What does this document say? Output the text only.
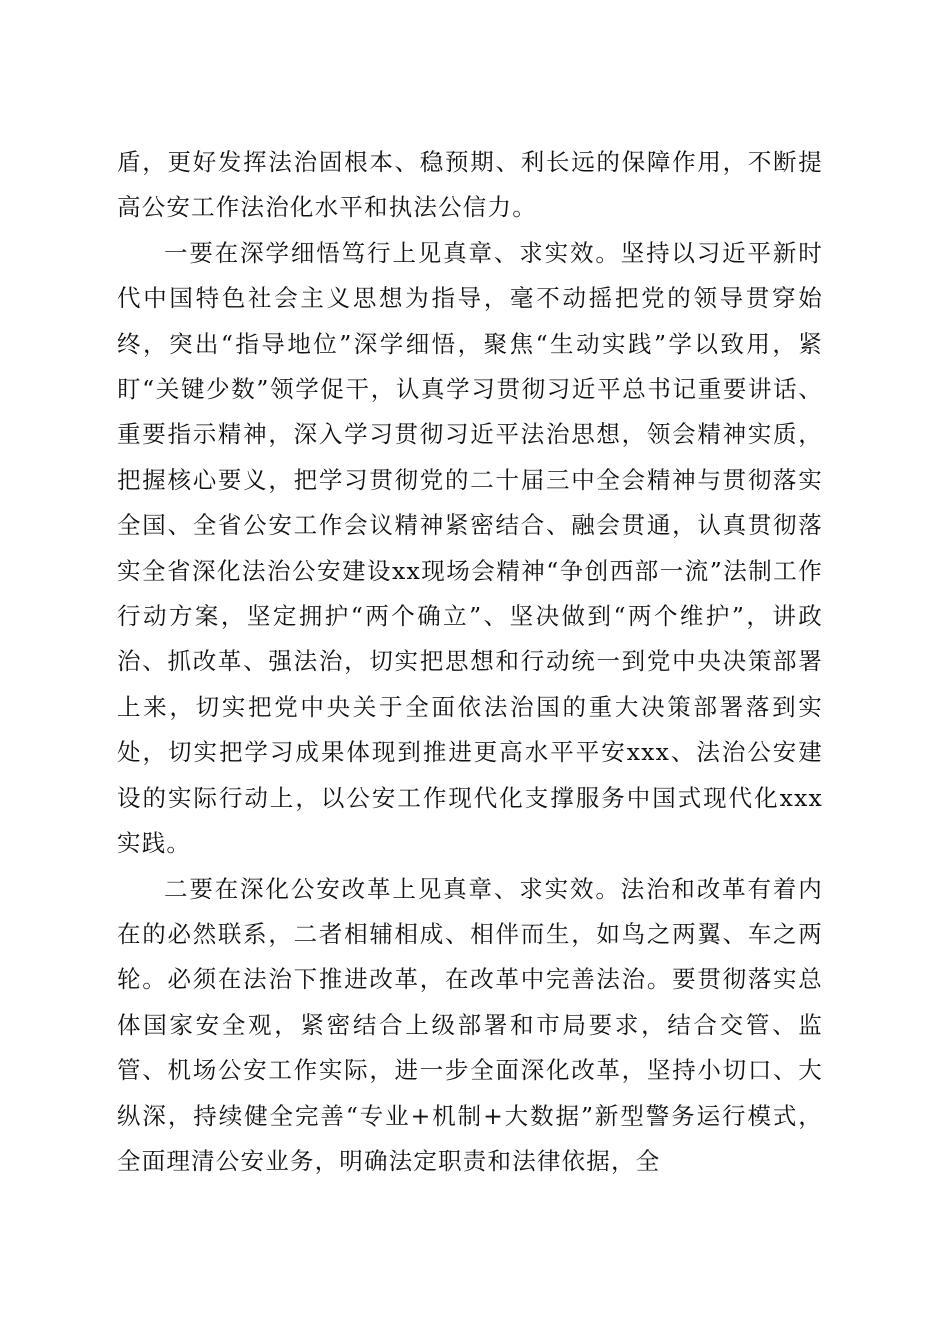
盾，更好发挥法治固根本、稳预期、利长远的保障作用，不断提高公安工作法治化水平和执法公信力。

一要在深学细悟笃行上见真章、求实效。坚持以习近平新时代中国特色社会主义思想为指导，毫不动摇把党的领导贯穿始终，突出“指导地位”深学细悟，聚焦“生动实践”学以致用，紧盯“关键少数”领学促干，认真学习贯彻习近平总书记重要讲话、重要指示精神，深入学习贯彻习近平法治思想，领会精神实质，把握核心要义，把学习贯彻党的二十届三中全会精神与贯彻落实全国、全省公安工作会议精神紧密结合、融会贯通，认真贯彻落实全省深化法治公安建设xx现场会精神“争创西部一流”法制工作行动方案，坚定拥护“两个确立”、坚决做到“两个维护”，讲政治、抓改革、强法治，切实把思想和行动统一到党中央决策部署上来，切实把党中央关于全面依法治国的重大决策部署落到实处，切实把学习成果体现到推进更高水平平安xxx、法治公安建设的实际行动上，以公安工作现代化支撑服务中国式现代化xxx实践。

二要在深化公安改革上见真章、求实效。法治和改革有着内在的必然联系，二者相辅相成、相伴而生，如鸟之两翼、车之两轮。必须在法治下推进改革，在改革中完善法治。要贯彻落实总体国家安全观，紧密结合上级部署和市局要求，结合交管、监管、机场公安工作实际，进一步全面深化改革，坚持小切口、大纵深，持续健全完善“专业+机制+大数据”新型警务运行模式，全面理清公安业务，明确法定职责和法律依据，全
